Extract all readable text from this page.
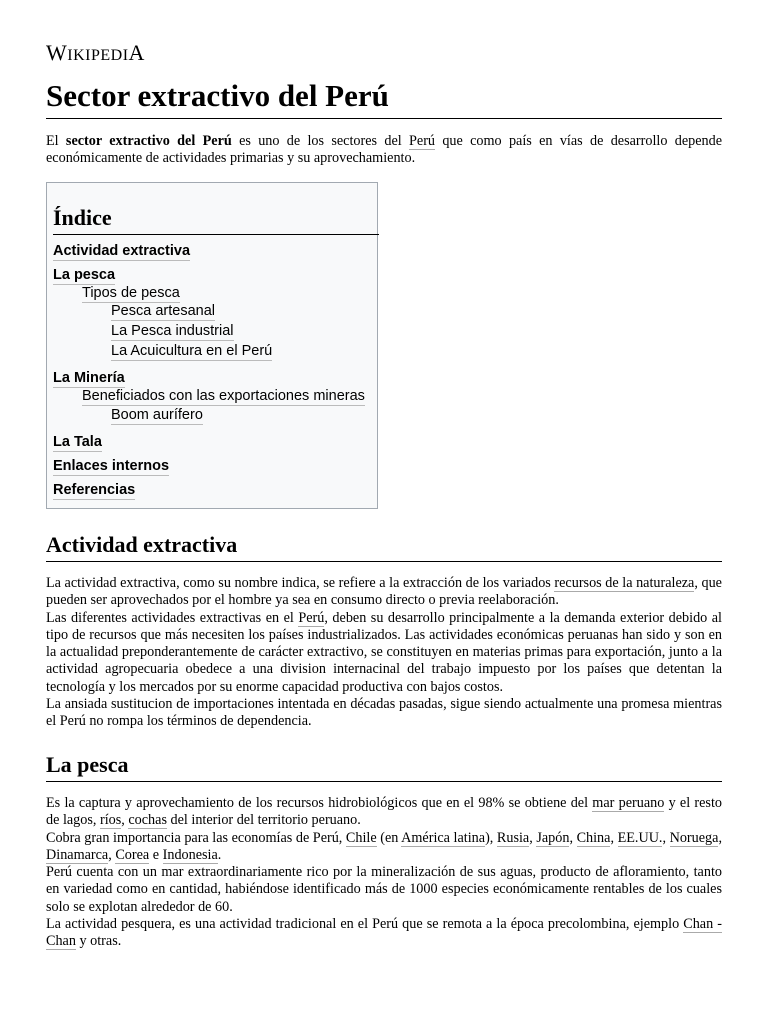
WIKIPEDIA
Sector extractivo del Perú

El sector extractivo del Perú es uno de los sectores del Perú que como país en vías de desarrollo depende económicamente de actividades primarias y su aprovechamiento.

Índice
Actividad extractiva
La pesca
Tipos de pesca
Pesca artesanal
La Pesca industrial
La Acuicultura en el Perú
La Minería
Beneficiados con las exportaciones mineras
Boom aurífero
La Tala
Enlaces internos
Referencias
Actividad extractiva

La actividad extractiva, como su nombre indica, se refiere a la extracción de los variados recursos de la naturaleza, que pueden ser aprovechados por el hombre ya sea en consumo directo o previa reelaboración.

Las diferentes actividades extractivas en el Perú, deben su desarrollo principalmente a la demanda exterior debido al tipo de recursos que más necesiten los países industrializados. Las actividades económicas peruanas han sido y son en la actualidad preponderantemente de carácter extractivo, se constituyen en materias primas para exportación, junto a la actividad agropecuaria obedece a una division internacinal del trabajo impuesto por los países que detentan la tecnología y los mercados por su enorme capacidad productiva con bajos costos.

La ansiada sustitucion de importaciones intentada en décadas pasadas, sigue siendo actualmente una promesa mientras el Perú no rompa los términos de dependencia.

La pesca

Es la captura y aprovechamiento de los recursos hidrobiológicos que en el 98% se obtiene del mar peruano y el resto de lagos, ríos, cochas del interior del territorio peruano.

Cobra gran importancia para las economías de Perú, Chile (en América latina), Rusia, Japón, China, EE.UU., Noruega, Dinamarca, Corea e Indonesia.

Perú cuenta con un mar extraordinariamente rico por la mineralización de sus aguas, producto de afloramiento, tanto en variedad como en cantidad, habiéndose identificado más de 1000 especies económicamente rentables de los cuales solo se explotan alrededor de 60.

La actividad pesquera, es una actividad tradicional en el Perú que se remota a la época precolombina, ejemplo Chan - Chan y otras.
